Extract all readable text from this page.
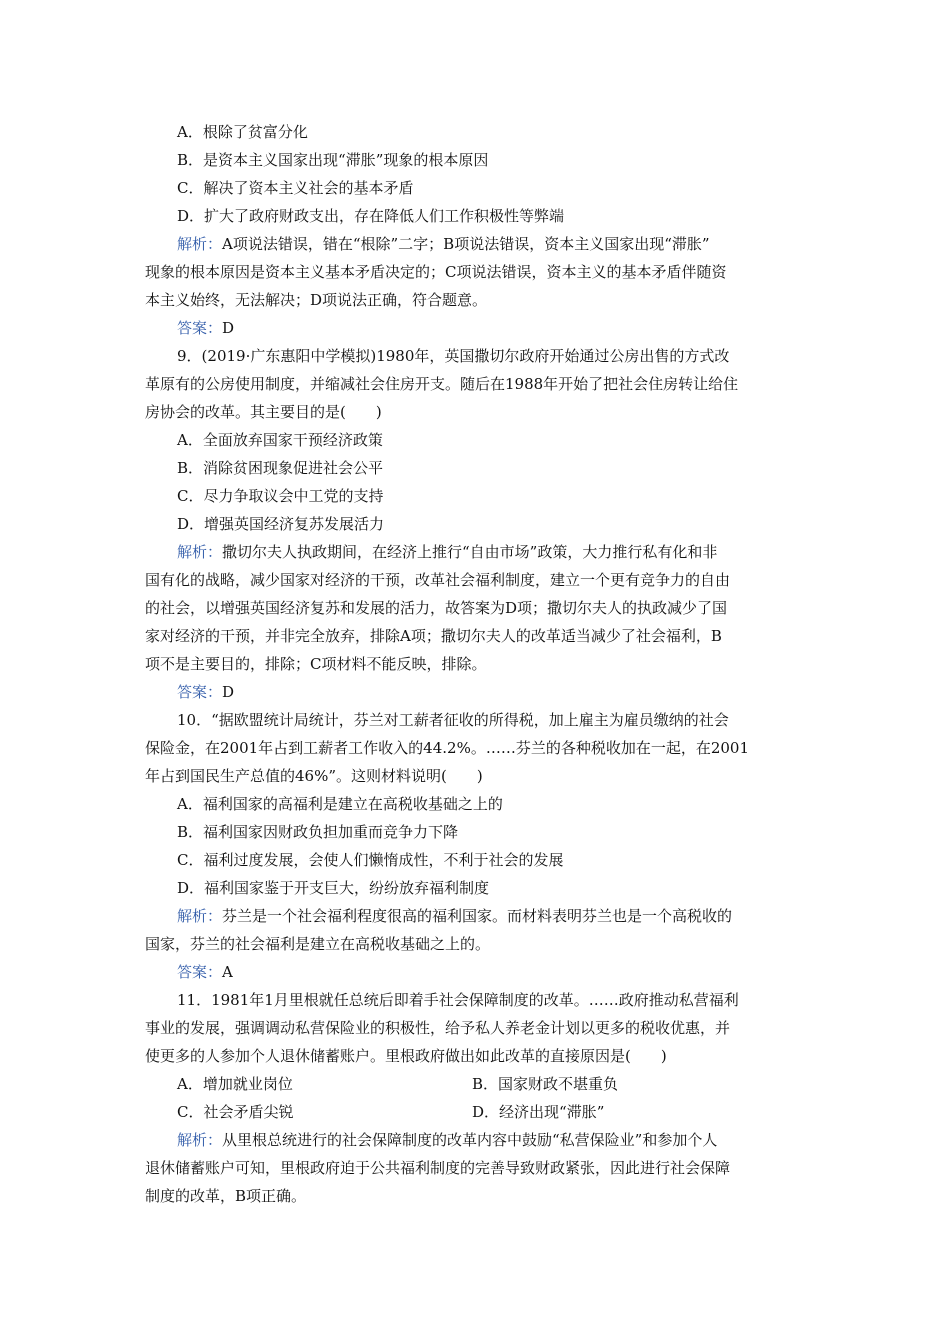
A．根除了贫富分化
B．是资本主义国家出现“滞胀”现象的根本原因
C．解决了资本主义社会的基本矛盾
D．扩大了政府财政支出，存在降低人们工作积极性等弊端
解析：A项说法错误，错在“根除”二字；B项说法错误，资本主义国家出现“滞胀”
现象的根本原因是资本主义基本矛盾决定的；C项说法错误，资本主义的基本矛盾伴随资
本主义始终，无法解决；D项说法正确，符合题意。
答案：D
9．(2019·广东惠阳中学模拟)1980年，英国撒切尔政府开始通过公房出售的方式改
革原有的公房使用制度，并缩减社会住房开支。随后在1988年开始了把社会住房转让给住
房协会的改革。其主要目的是(　　)
A．全面放弃国家干预经济政策
B．消除贫困现象促进社会公平
C．尽力争取议会中工党的支持
D．增强英国经济复苏发展活力
解析：撒切尔夫人执政期间，在经济上推行“自由市场”政策，大力推行私有化和非
国有化的战略，减少国家对经济的干预，改革社会福利制度，建立一个更有竞争力的自由
的社会，以增强英国经济复苏和发展的活力，故答案为D项；撒切尔夫人的执政减少了国
家对经济的干预，并非完全放弃，排除A项；撒切尔夫人的改革适当减少了社会福利，B
项不是主要目的，排除；C项材料不能反映，排除。
答案：D
10．“据欧盟统计局统计，芬兰对工薪者征收的所得税，加上雇主为雇员缴纳的社会
保险金，在2001年占到工薪者工作收入的44.2%。……芬兰的各种税收加在一起，在2001
年占到国民生产总值的46%”。这则材料说明(　　)
A．福利国家的高福利是建立在高税收基础之上的
B．福利国家因财政负担加重而竞争力下降
C．福利过度发展，会使人们懒惰成性，不利于社会的发展
D．福利国家鉴于开支巨大，纷纷放弃福利制度
解析：芬兰是一个社会福利程度很高的福利国家。而材料表明芬兰也是一个高税收的
国家，芬兰的社会福利是建立在高税收基础之上的。
答案：A
11．1981年1月里根就任总统后即着手社会保障制度的改革。……政府推动私营福利
事业的发展，强调调动私营保险业的积极性，给予私人养老金计划以更多的税收优惠，并
使更多的人参加个人退休储蓄账户。里根政府做出如此改革的直接原因是(　　)
A．增加就业岗位	B．国家财政不堪重负
C．社会矛盾尖锐	D．经济出现“滞胀”
解析：从里根总统进行的社会保障制度的改革内容中鼓励“私营保险业”和参加个人
退休储蓄账户可知，里根政府迫于公共福利制度的完善导致财政紧张，因此进行社会保障
制度的改革，B项正确。
